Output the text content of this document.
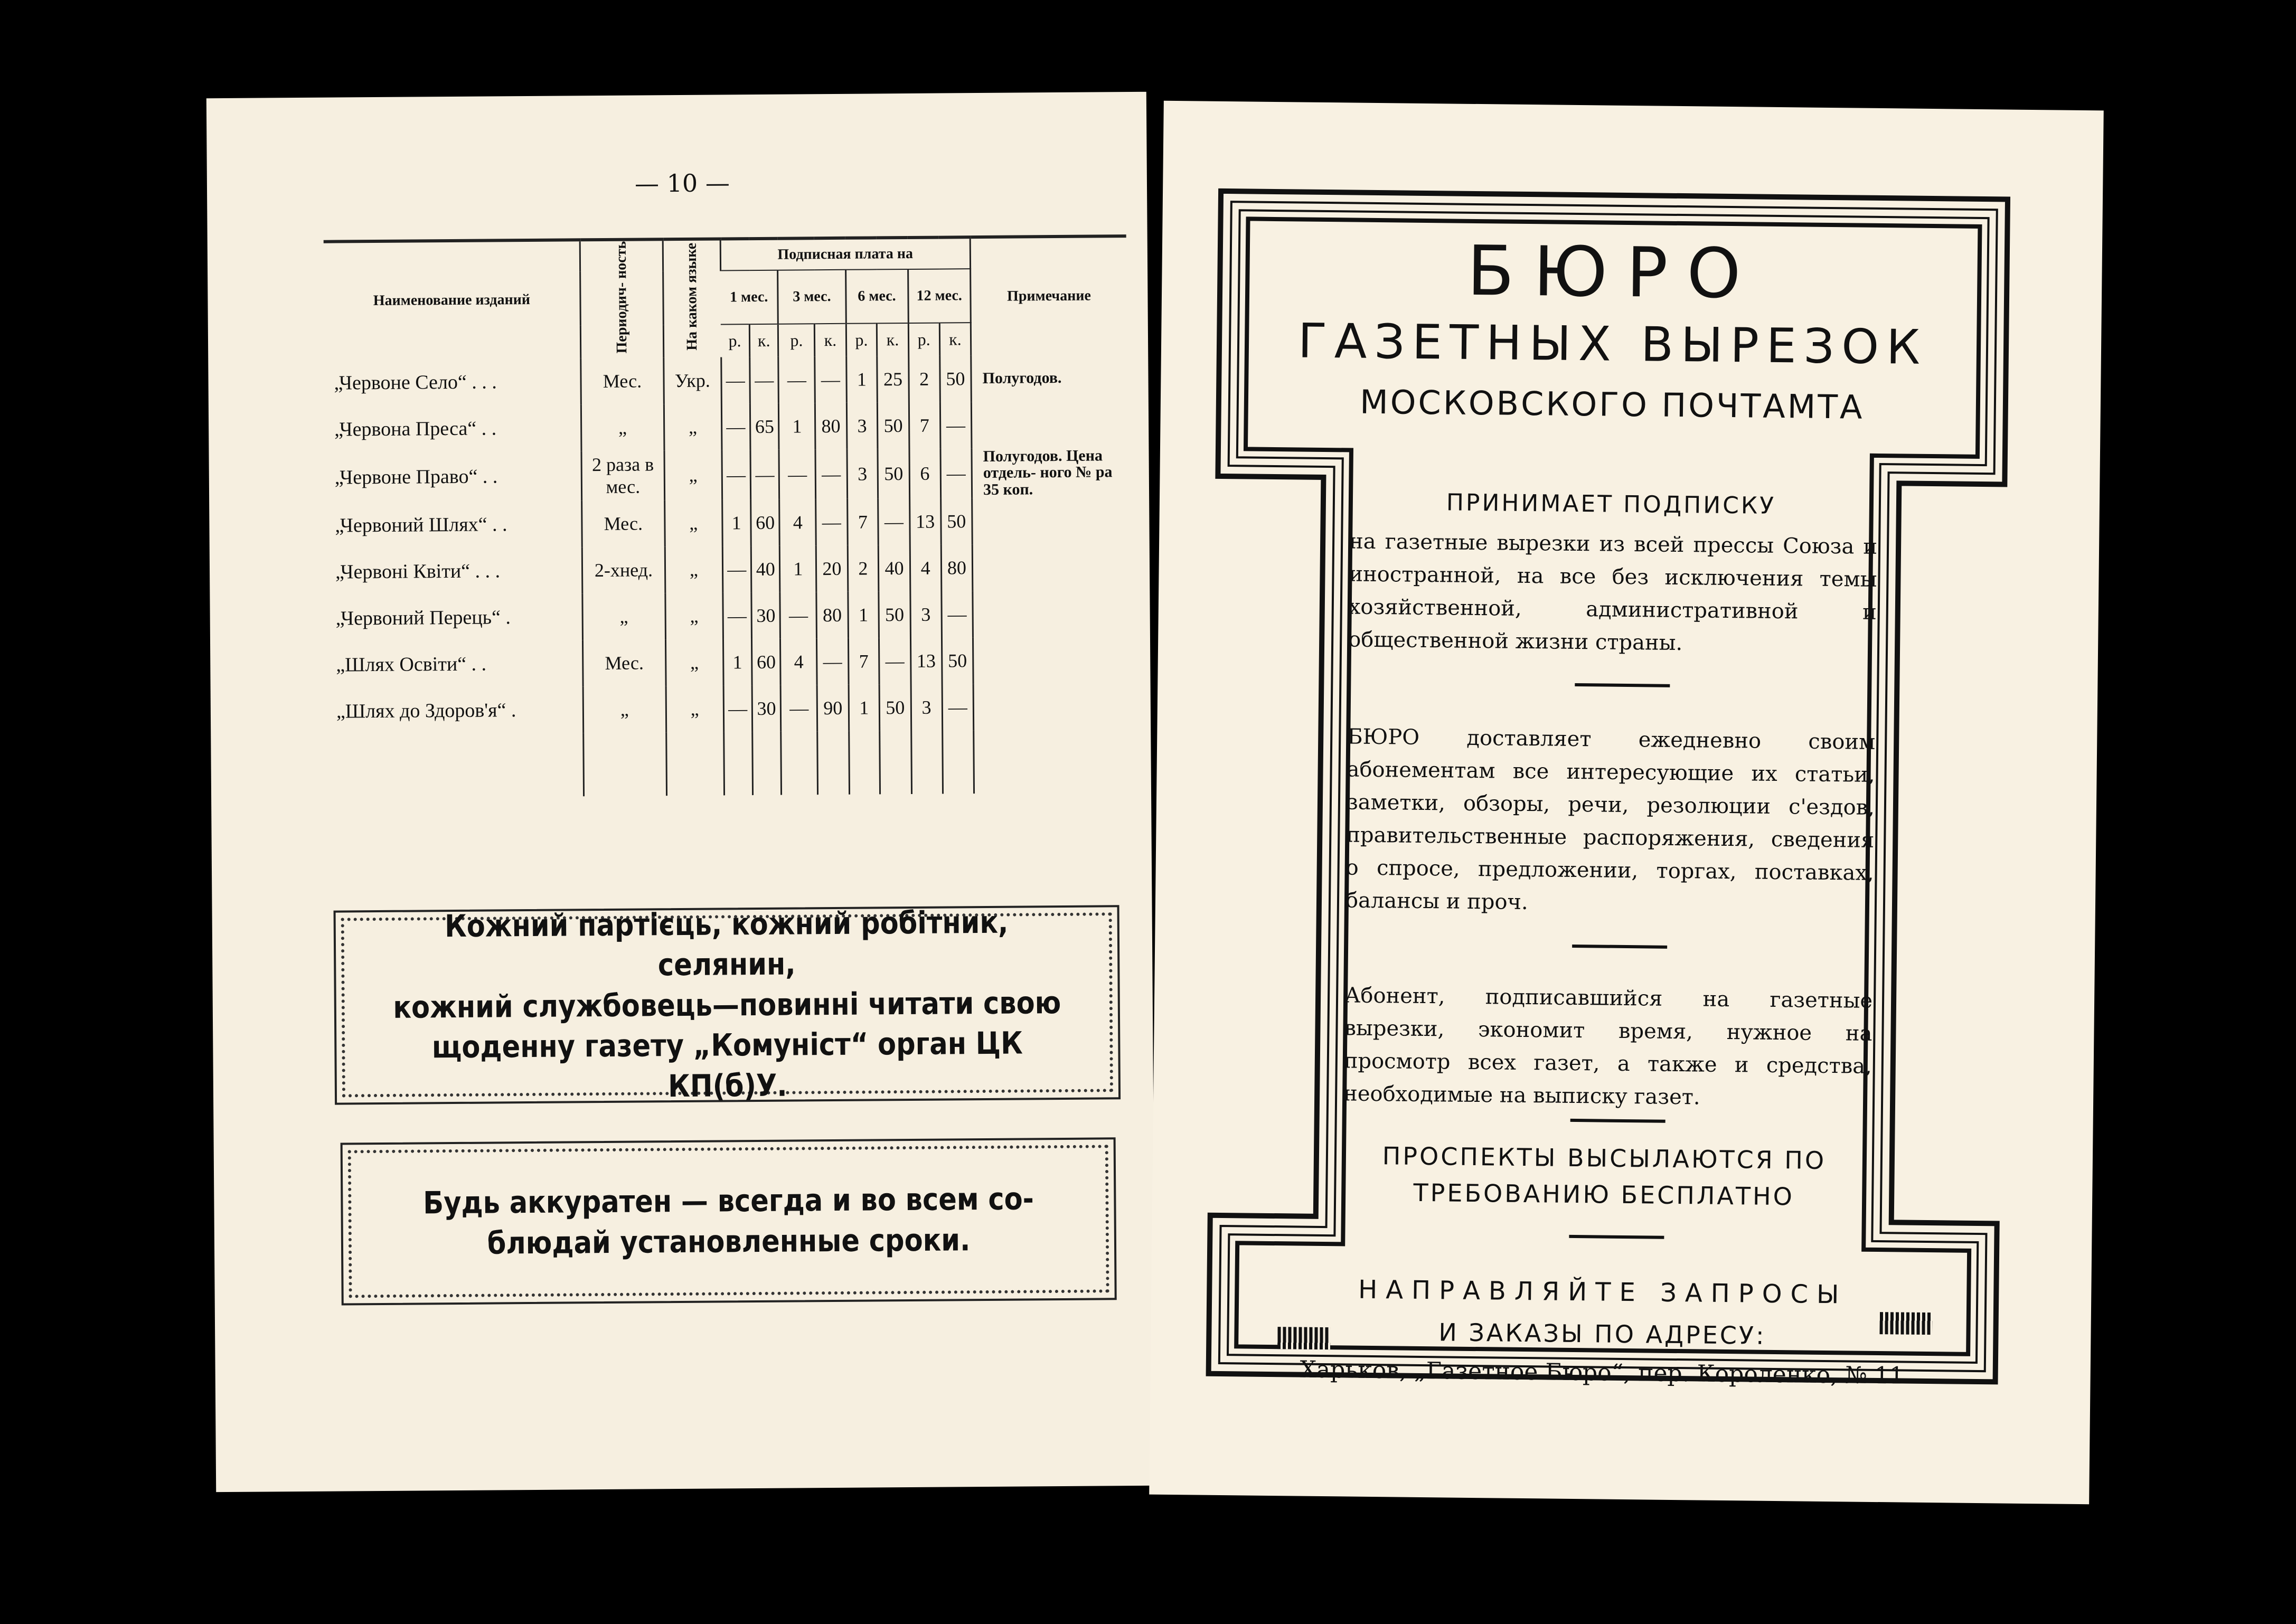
— 10 —
Наименование изданий	Периодич- ность	На каком языке	Подписная плата на								Примечание
			1 мес.		3 мес.		6 мес.		12 мес.		
			р.	к.	р.	к.	р.	к.	р.	к.	
„Червоне Село“ . . .	Мес.	Укр.	—	—	—	—	1	25	2	50	Полугодов.
„Червона Преса“ . .	„	„	—	65	1	80	3	50	7	—	
„Червоне Право“ . .	2 раза в мес.	„	—	—	—	—	3	50	6	—	Полугодов. Цена отдель- ного № ра 35 коп.
„Червоний Шлях“ . .	Мес.	„	1	60	4	—	7	—	13	50	
„Червоні Квіти“ . . .	2-хнед.	„	—	40	1	20	2	40	4	80	
„Червоний Перець“ .	„	„	—	30	—	80	1	50	3	—	
„Шлях Освіти“ . .	Мес.	„	1	60	4	—	7	—	13	50	
„Шлях до Здоров'я“ .	„	„	—	30	—	90	1	50	3	—	

Кожний партієць, кожний робітник, селянин,
кожний службовець—повинні читати свою
щоденну газету „Комуніст“ орган ЦК КП(б)У.
Будь аккуратен — всегда и во всем со-
блюдай установленные сроки.
БЮРО
ГАЗЕТНЫХ ВЫРЕЗОК
МОСКОВСКОГО ПОЧТАМТА
ПРИНИМАЕТ ПОДПИСКУ
на газетные вырезки из всей прессы Союза и иностранной, на все без исключения темы хозяйственной, административной и общественной жизни страны.
БЮРО доставляет ежедневно своим абонементам все интересующие их статьи, заметки, обзоры, речи, резолюции с'ездов, правительственные распоряжения, сведения о спросе, предложении, торгах, поставках, балансы и проч.
Абонент, подписавшийся на газетные вырезки, экономит время, нужное на просмотр всех газет, а также и средства, необходимые на выписку газет.
ПРОСПЕКТЫ ВЫСЫЛАЮТСЯ ПО
ТРЕБОВАНИЮ БЕСПЛАТНО
НАПРАВЛЯЙТЕ ЗАПРОСЫ
И ЗАКАЗЫ ПО АДРЕСУ:
Харьков, „Газетное Бюро“, пер. Короленко, № 11
